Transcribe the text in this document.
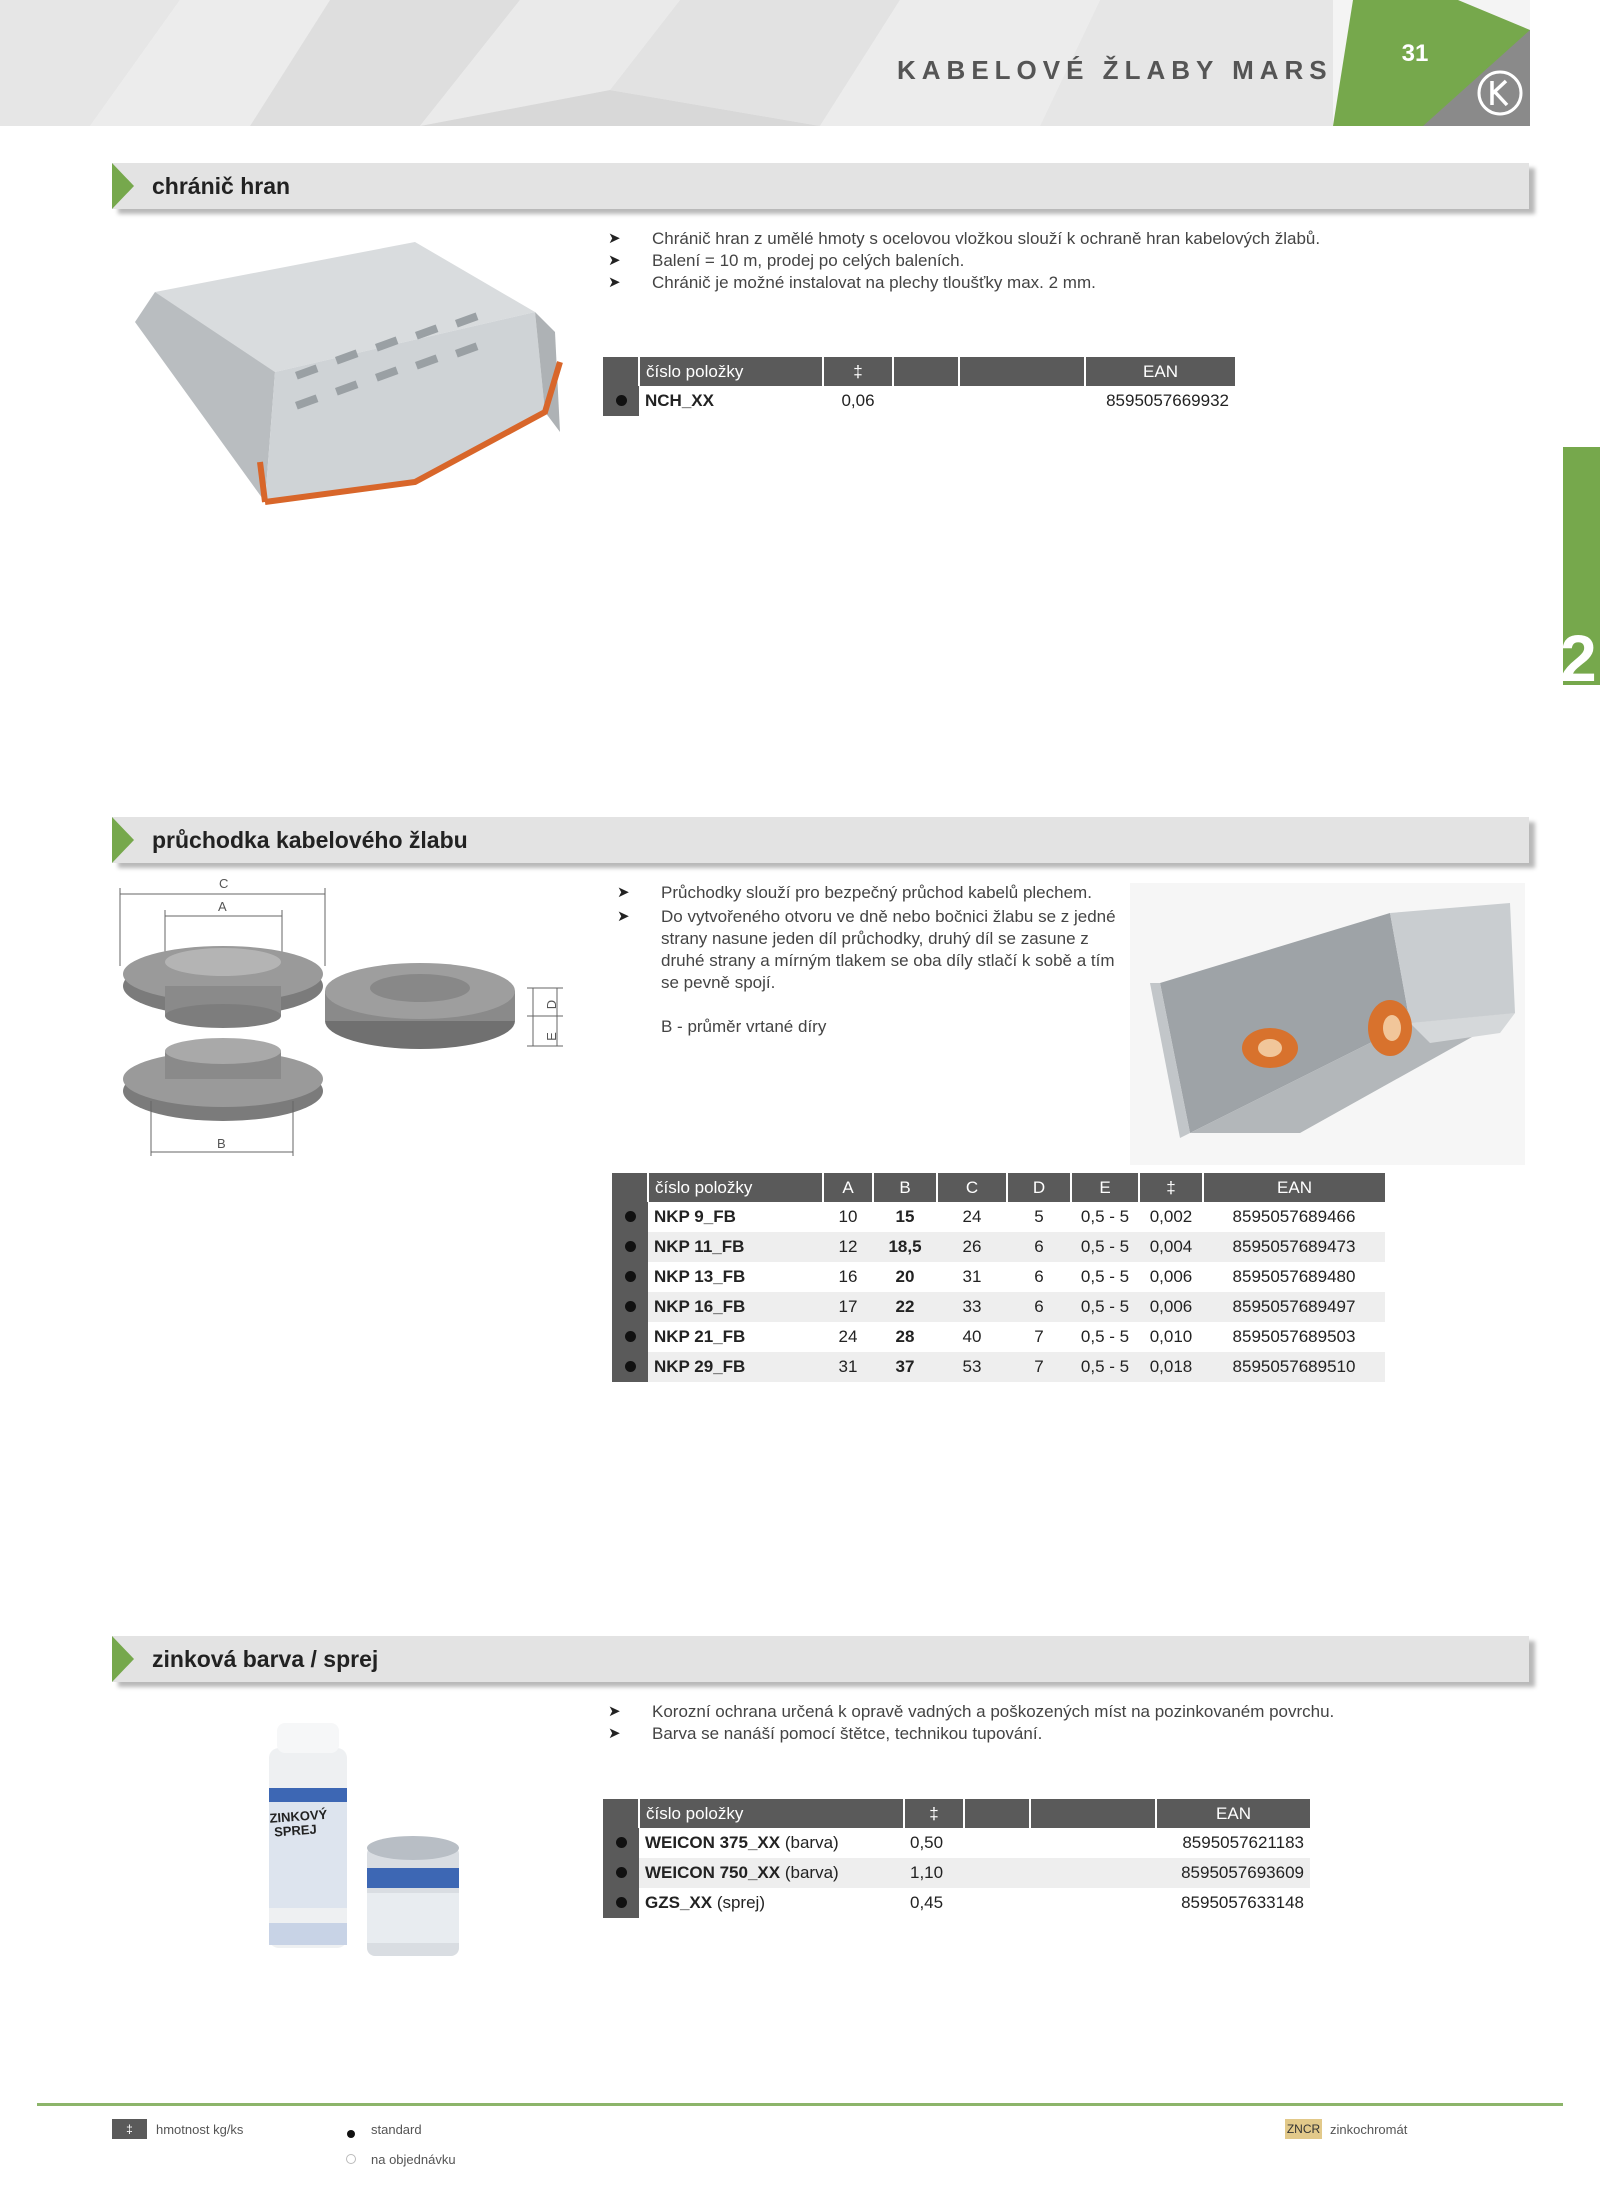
KABELOVÉ ŽLABY MARS
31
2
chránič hran
➤ Chránič hran z umělé hmoty s ocelovou vložkou slouží k ochraně hran kabelových žlabů.
➤ Balení = 10 m, prodej po celých baleních.
➤ Chránič je možné instalovat na plechy tloušťky max. 2 mm.
	číslo položky	‡			EAN
	NCH_XX	0,06			8595057669932
průchodka kabelového žlabu
C
A
B
D
E
➤ Průchodky slouží pro bezpečný průchod kabelů plechem.
➤ Do vytvořeného otvoru ve dně nebo bočnici žlabu se z jedné strany nasune jeden díl průchodky, druhý díl se zasune z druhé strany a mírným tlakem se oba díly stlačí k sobě a tím se pevně spojí.
B - průměr vrtané díry
	číslo položky	A	B	C	D	E	‡	EAN
	NKP 9_FB	10	15	24	5	0,5 - 5	0,002	8595057689466
	NKP 11_FB	12	18,5	26	6	0,5 - 5	0,004	8595057689473
	NKP 13_FB	16	20	31	6	0,5 - 5	0,006	8595057689480
	NKP 16_FB	17	22	33	6	0,5 - 5	0,006	8595057689497
	NKP 21_FB	24	28	40	7	0,5 - 5	0,010	8595057689503
	NKP 29_FB	31	37	53	7	0,5 - 5	0,018	8595057689510
zinková barva / sprej
ZINKOVÝ SPREJ
➤ Korozní ochrana určená k opravě vadných a poškozených míst na pozinkovaném povrchu.
➤ Barva se nanáší pomocí štětce, technikou tupování.
	číslo položky	‡			EAN
	WEICON 375_XX (barva)	0,50			8595057621183
	WEICON 750_XX (barva)	1,10			8595057693609
	GZS_XX (sprej)	0,45			8595057633148
‡	hmotnost kg/ks	standard
na objednávku
ZNCR zinkochromát
